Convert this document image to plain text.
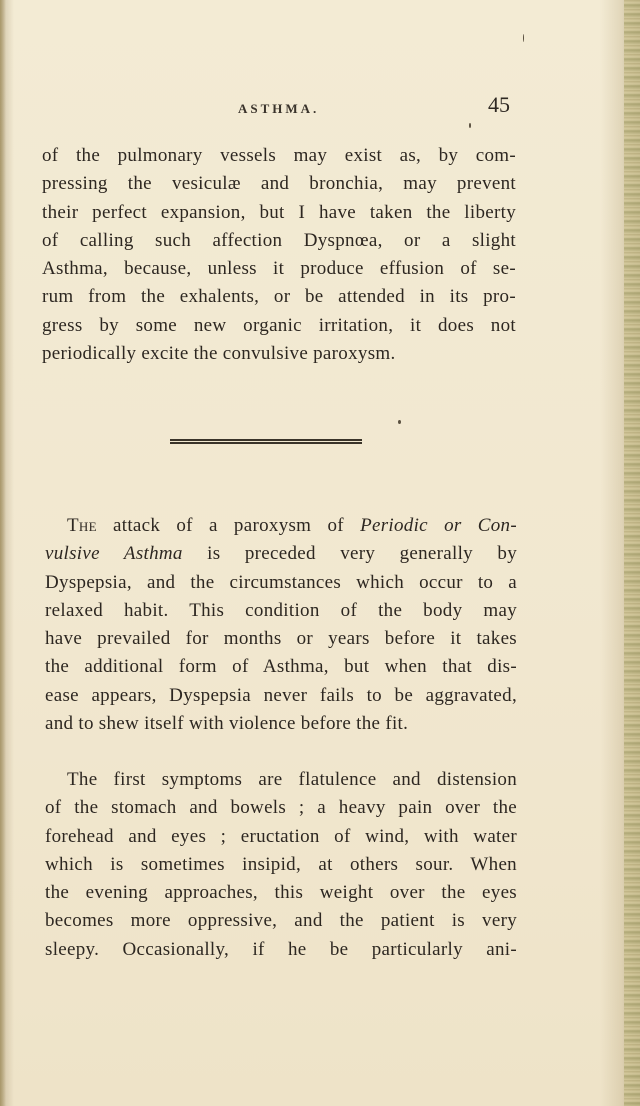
ASTHMA.	45
of the pulmonary vessels may exist as, by com-
pressing the vesiculæ and bronchia, may prevent
their perfect expansion, but I have taken the liberty
of calling such affection Dyspnœa, or a slight
Asthma, because, unless it produce effusion of se-
rum from the exhalents, or be attended in its pro-
gress by some new organic irritation, it does not
periodically excite the convulsive paroxysm.
The attack of a paroxysm of Periodic or Con-
vulsive Asthma is preceded very generally by
Dyspepsia, and the circumstances which occur to a
relaxed habit. This condition of the body may
have prevailed for months or years before it takes
the additional form of Asthma, but when that dis-
ease appears, Dyspepsia never fails to be aggravated,
and to shew itself with violence before the fit.
The first symptoms are flatulence and distension
of the stomach and bowels ; a heavy pain over the
forehead and eyes ; eructation of wind, with water
which is sometimes insipid, at others sour. When
the evening approaches, this weight over the eyes
becomes more oppressive, and the patient is very
sleepy. Occasionally, if he be particularly ani-
